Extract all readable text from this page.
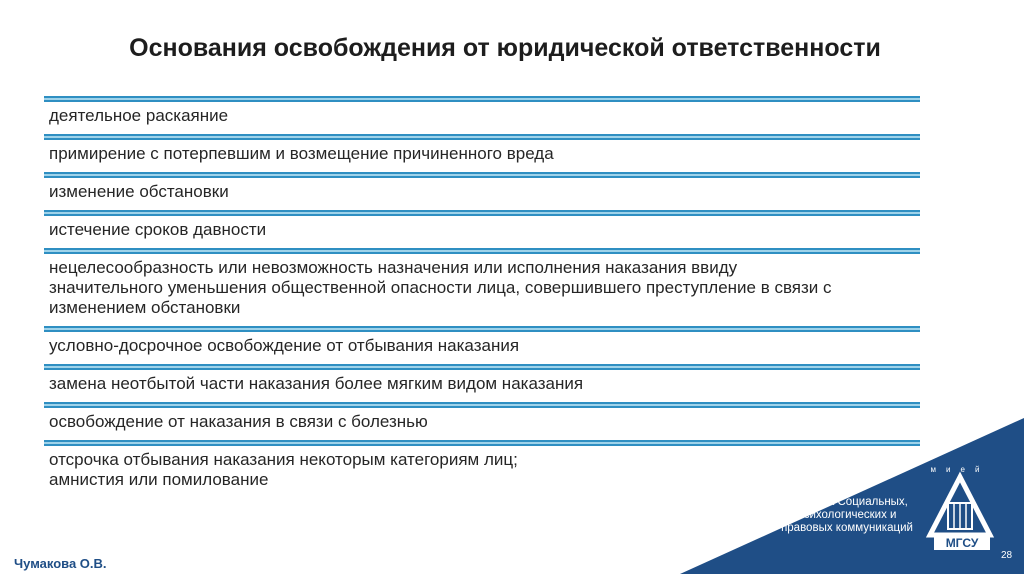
Основания освобождения от юридической ответственности
деятельное раскаяние
примирение с потерпевшим и возмещение причиненного вреда
изменение обстановки
истечение сроков давности
нецелесообразность или невозможность назначения или исполнения наказания ввиду значительного уменьшения общественной опасности лица, совершившего преступление в связи с изменением обстановки
условно-досрочное освобождение от отбывания наказания
замена неотбытой части наказания более мягким видом наказания
освобождение от наказания в связи с болезнью
отсрочка отбывания наказания некоторым категориям лиц;
амнистия или помилование
Кафедра Социальных, психологических и правовых коммуникаций
мией
МГСУ
28
Чумакова О.В.
